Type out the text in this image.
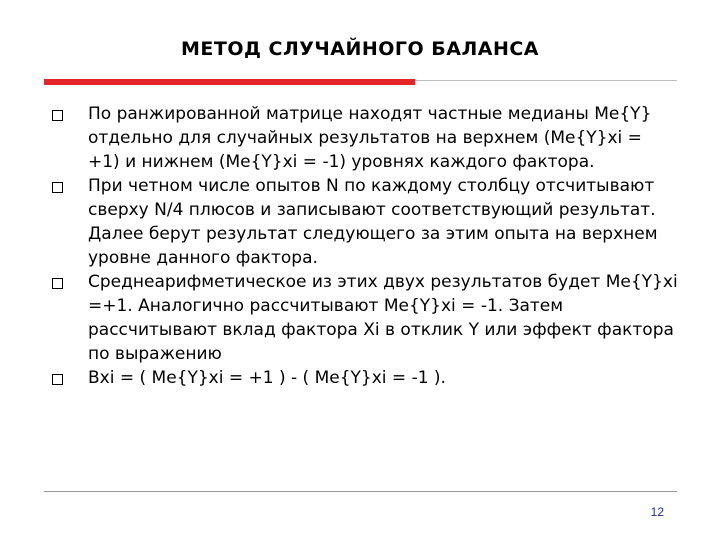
МЕТОД СЛУЧАЙНОГО БАЛАНСА

По ранжированной матрице находят частные медианы Me{Y} отдельно для случайных результатов на верхнем (Me{Y}xi = +1) и нижнем (Me{Y}xi = -1) уровнях каждого фактора.

При четном числе опытов N по каждому столбцу отсчитывают сверху N/4 плюсов и записывают соответствующий результат. Далее берут результат следующего за этим опыта на верхнем уровне данного фактора.

Среднеарифметическое из этих двух результатов будет Me{Y}xi =+1. Аналогично рассчитывают Me{Y}xi = -1. Затем рассчитывают вклад фактора Xi в отклик Y или эффект фактора по выражению

Bxi = ( Me{Y}xi = +1 ) - ( Me{Y}xi = -1 ).

12
